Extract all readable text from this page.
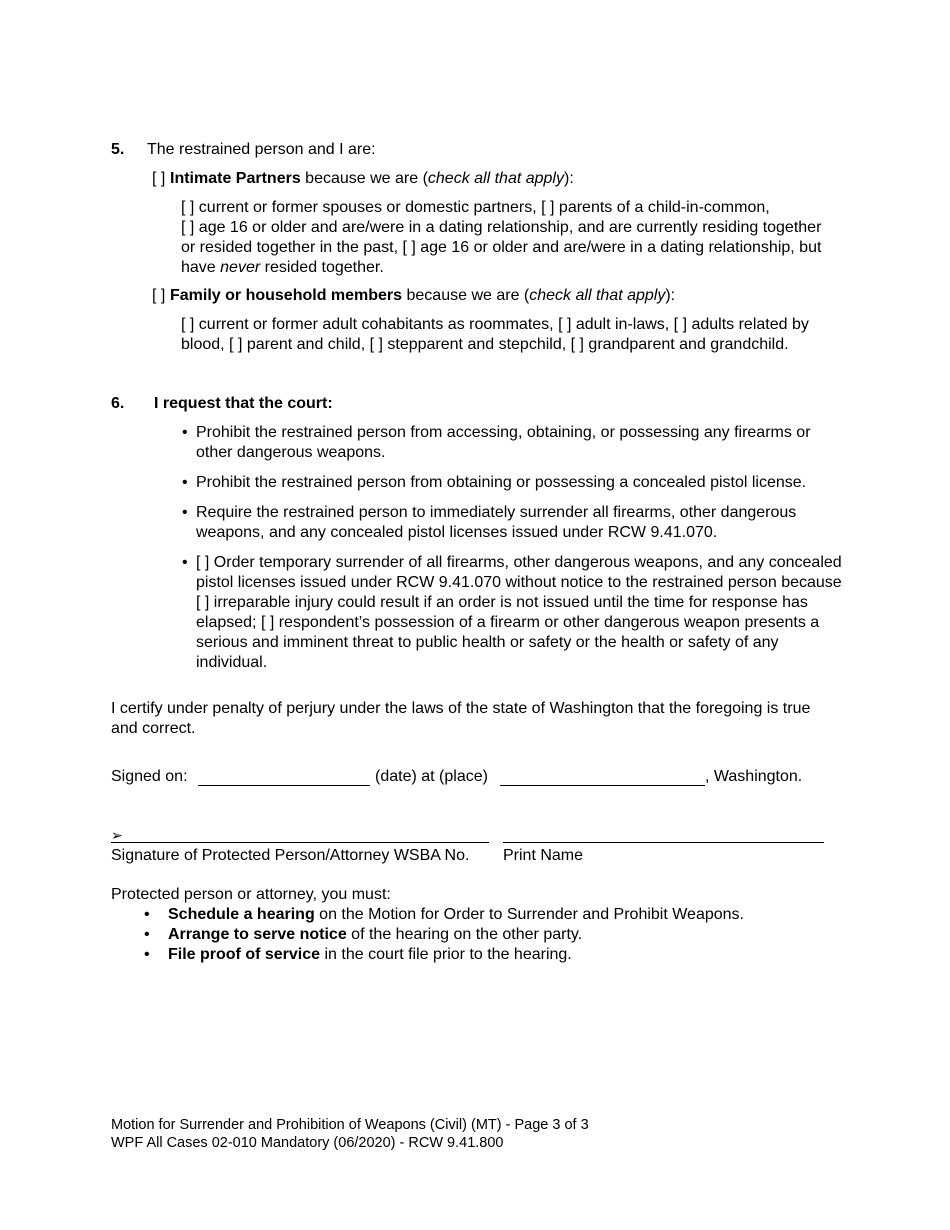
5. The restrained person and I are:
[ ] Intimate Partners because we are (check all that apply):
[ ] current or former spouses or domestic partners, [ ] parents of a child-in-common,
[ ] age 16 or older and are/were in a dating relationship, and are currently residing together or resided together in the past, [ ] age 16 or older and are/were in a dating relationship, but have never resided together.
[ ] Family or household members because we are (check all that apply):
[ ] current or former adult cohabitants as roommates, [ ] adult in-laws, [ ] adults related by blood, [ ] parent and child, [ ] stepparent and stepchild, [ ] grandparent and grandchild.
6. I request that the court:
• Prohibit the restrained person from accessing, obtaining, or possessing any firearms or other dangerous weapons.
• Prohibit the restrained person from obtaining or possessing a concealed pistol license.
• Require the restrained person to immediately surrender all firearms, other dangerous weapons, and any concealed pistol licenses issued under RCW 9.41.070.
• [ ] Order temporary surrender of all firearms, other dangerous weapons, and any concealed pistol licenses issued under RCW 9.41.070 without notice to the restrained person because [ ] irreparable injury could result if an order is not issued until the time for response has elapsed; [ ] respondent’s possession of a firearm or other dangerous weapon presents a serious and imminent threat to public health or safety or the health or safety of any individual.
I certify under penalty of perjury under the laws of the state of Washington that the foregoing is true and correct.
Signed on:	(date) at (place)	, Washington.
➢
Signature of Protected Person/Attorney WSBA No. Print Name
Protected person or attorney, you must:
• Schedule a hearing on the Motion for Order to Surrender and Prohibit Weapons.
• Arrange to serve notice of the hearing on the other party.
• File proof of service in the court file prior to the hearing.
Motion for Surrender and Prohibition of Weapons (Civil) (MT) - Page 3 of 3
WPF All Cases 02-010 Mandatory (06/2020) - RCW 9.41.800
